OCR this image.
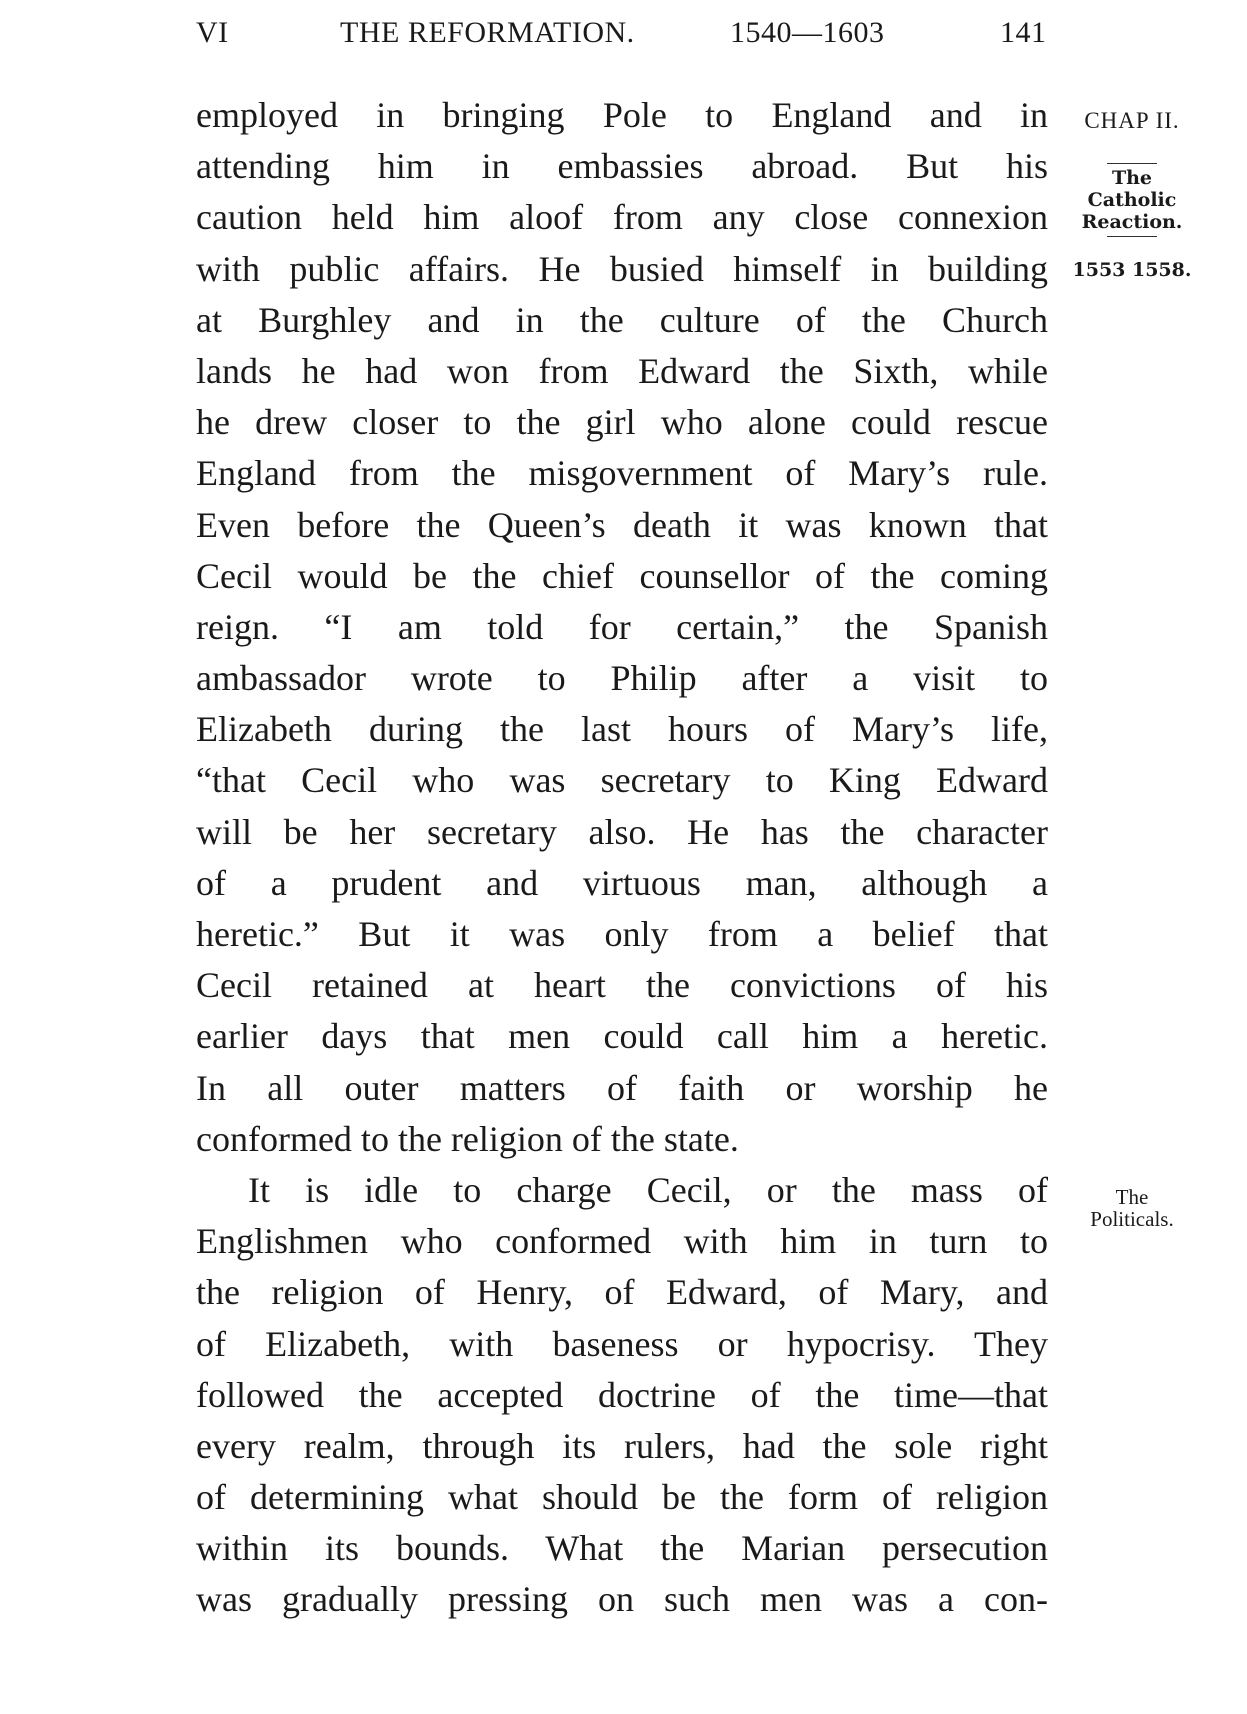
VI	THE REFORMATION.	1540—1603	141
CHAP II.
The
Catholic
Reaction.
1553 1558.
The
Politicals.
employed in bringing Pole to England and in
attending him in embassies abroad. But his
caution held him aloof from any close connexion
with public affairs. He busied himself in building
at Burghley and in the culture of the Church
lands he had won from Edward the Sixth, while
he drew closer to the girl who alone could rescue
England from the misgovernment of Mary’s rule.
Even before the Queen’s death it was known that
Cecil would be the chief counsellor of the coming
reign. “I am told for certain,” the Spanish
ambassador wrote to Philip after a visit to
Elizabeth during the last hours of Mary’s life,
“that Cecil who was secretary to King Edward
will be her secretary also. He has the character
of a prudent and virtuous man, although a
heretic.” But it was only from a belief that
Cecil retained at heart the convictions of his
earlier days that men could call him a heretic.
In all outer matters of faith or worship he
conformed to the religion of the state.
It is idle to charge Cecil, or the mass of
Englishmen who conformed with him in turn to
the religion of Henry, of Edward, of Mary, and
of Elizabeth, with baseness or hypocrisy. They
followed the accepted doctrine of the time—that
every realm, through its rulers, had the sole right
of determining what should be the form of religion
within its bounds. What the Marian persecution
was gradually pressing on such men was a con-
